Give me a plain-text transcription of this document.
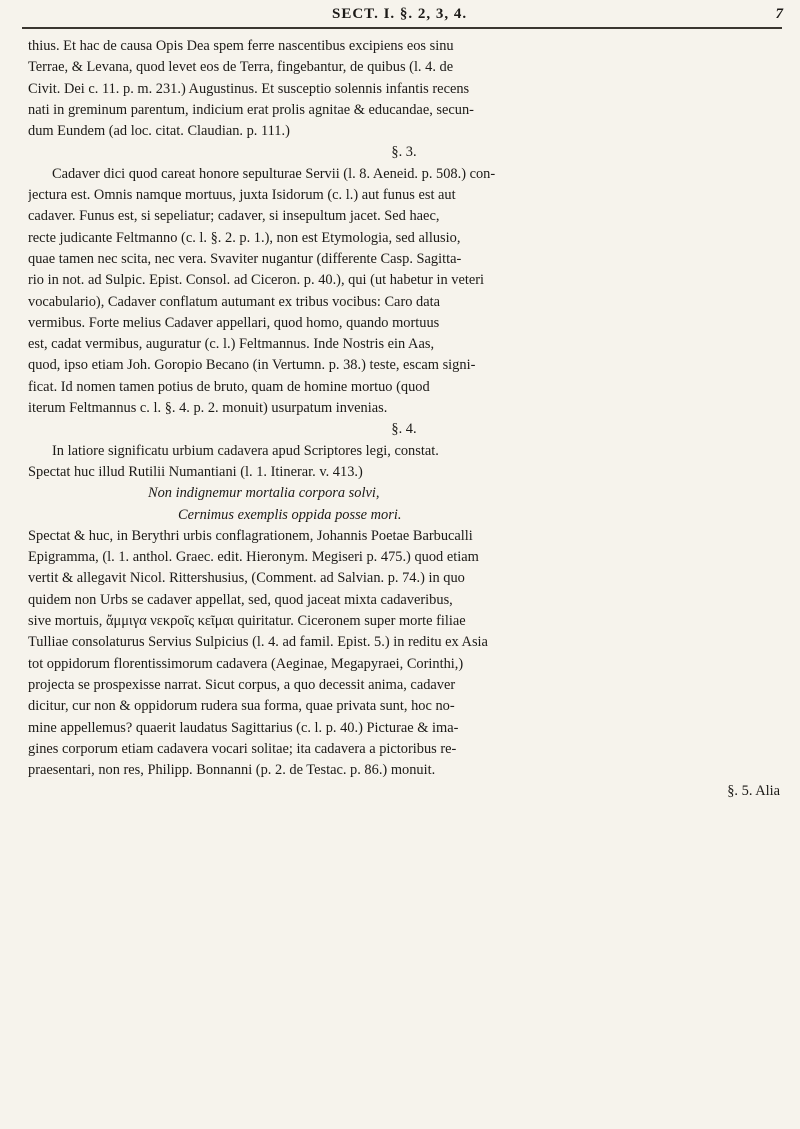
SECT. I. §. 2, 3, 4.	7
thius. Et hac de causa Opis Dea spem ferre nascentibus excipiens eos sinu
Terrae, & Levana, quod levet eos de Terra, fingebantur, de quibus (l. 4. de
Civit. Dei c. 11. p. m. 231.) Augustinus. Et susceptio solennis infantis recens
nati in greminum parentum, indicium erat prolis agnitae & educandae, secun-
dum Eundem (ad loc. citat. Claudian. p. 111.)
§. 3.
Cadaver dici quod careat honore sepulturae Servii (l. 8. Aeneid. p. 508.) con-
jectura est. Omnis namque mortuus, juxta Isidorum (c. l.) aut funus est aut
cadaver. Funus est, si sepeliatur; cadaver, si insepultum jacet. Sed haec,
recte judicante Feltmanno (c. l. §. 2. p. 1.), non est Etymologia, sed allusio,
quae tamen nec scita, nec vera. Svaviter nugantur (differente Casp. Sagitta-
rio in not. ad Sulpic. Epist. Consol. ad Ciceron. p. 40.), qui (ut habetur in veteri
vocabulario), Cadaver conflatum autumant ex tribus vocibus: Caro data
vermibus. Forte melius Cadaver appellari, quod homo, quando mortuus
est, cadat vermibus, auguratur (c. l.) Feltmannus. Inde Nostris ein Aas,
quod, ipso etiam Joh. Goropio Becano (in Vertumn. p. 38.) teste, escam signi-
ficat. Id nomen tamen potius de bruto, quam de homine mortuo (quod
iterum Feltmannus c. l. §. 4. p. 2. monuit) usurpatum invenias.
§. 4.
In latiore significatu urbium cadavera apud Scriptores legi, constat.
Spectat huc illud Rutilii Numantiani (l. 1. Itinerar. v. 413.)
Non indignemur mortalia corpora solvi,
Cernimus exemplis oppida posse mori.
Spectat & huc, in Berythri urbis conflagrationem, Johannis Poetae Barbucalli
Epigramma, (l. 1. anthol. Graec. edit. Hieronym. Megiseri p. 475.) quod etiam
vertit & allegavit Nicol. Rittershusius, (Comment. ad Salvian. p. 74.) in quo
quidem non Urbs se cadaver appellat, sed, quod jaceat mixta cadaveribus,
sive mortuis, ἄμμιγα νεκροῖς κεῖμαι quiritatur. Ciceronem super morte filiae
Tulliae consolaturus Servius Sulpicius (l. 4. ad famil. Epist. 5.) in reditu ex Asia
tot oppidorum florentissimorum cadavera (Aeginae, Megapyraei, Corinthi,)
projecta se prospexisse narrat. Sicut corpus, a quo decessit anima, cadaver
dicitur, cur non & oppidorum rudera sua forma, quae privata sunt, hoc no-
mine appellemus? quaerit laudatus Sagittarius (c. l. p. 40.) Picturae & ima-
gines corporum etiam cadavera vocari solitae; ita cadavera a pictoribus re-
praesentari, non res, Philipp. Bonnanni (p. 2. de Testac. p. 86.) monuit.
§. 5. Alia
